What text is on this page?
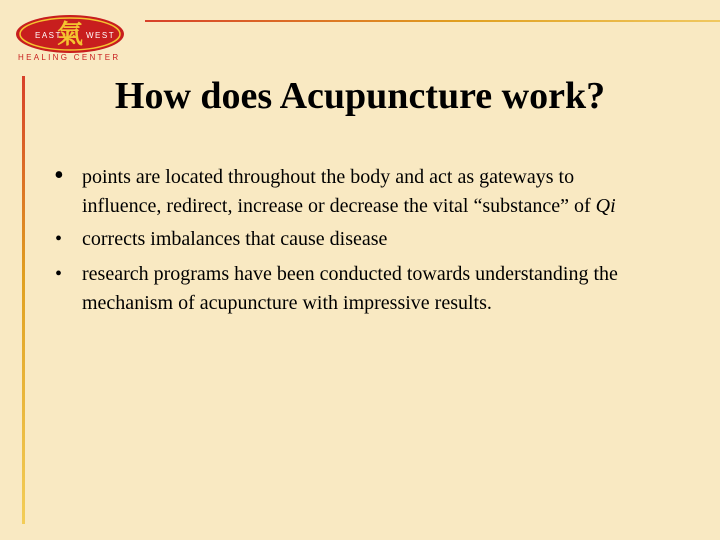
EAST	WEST
氣
HEALING CENTER
How does Acupuncture work?
• points are located throughout the body and act as gateways to influence, redirect, increase or decrease the vital “substance” of Qi
• corrects imbalances that cause disease
• research programs have been conducted towards understanding the mechanism of acupuncture with impressive results.
